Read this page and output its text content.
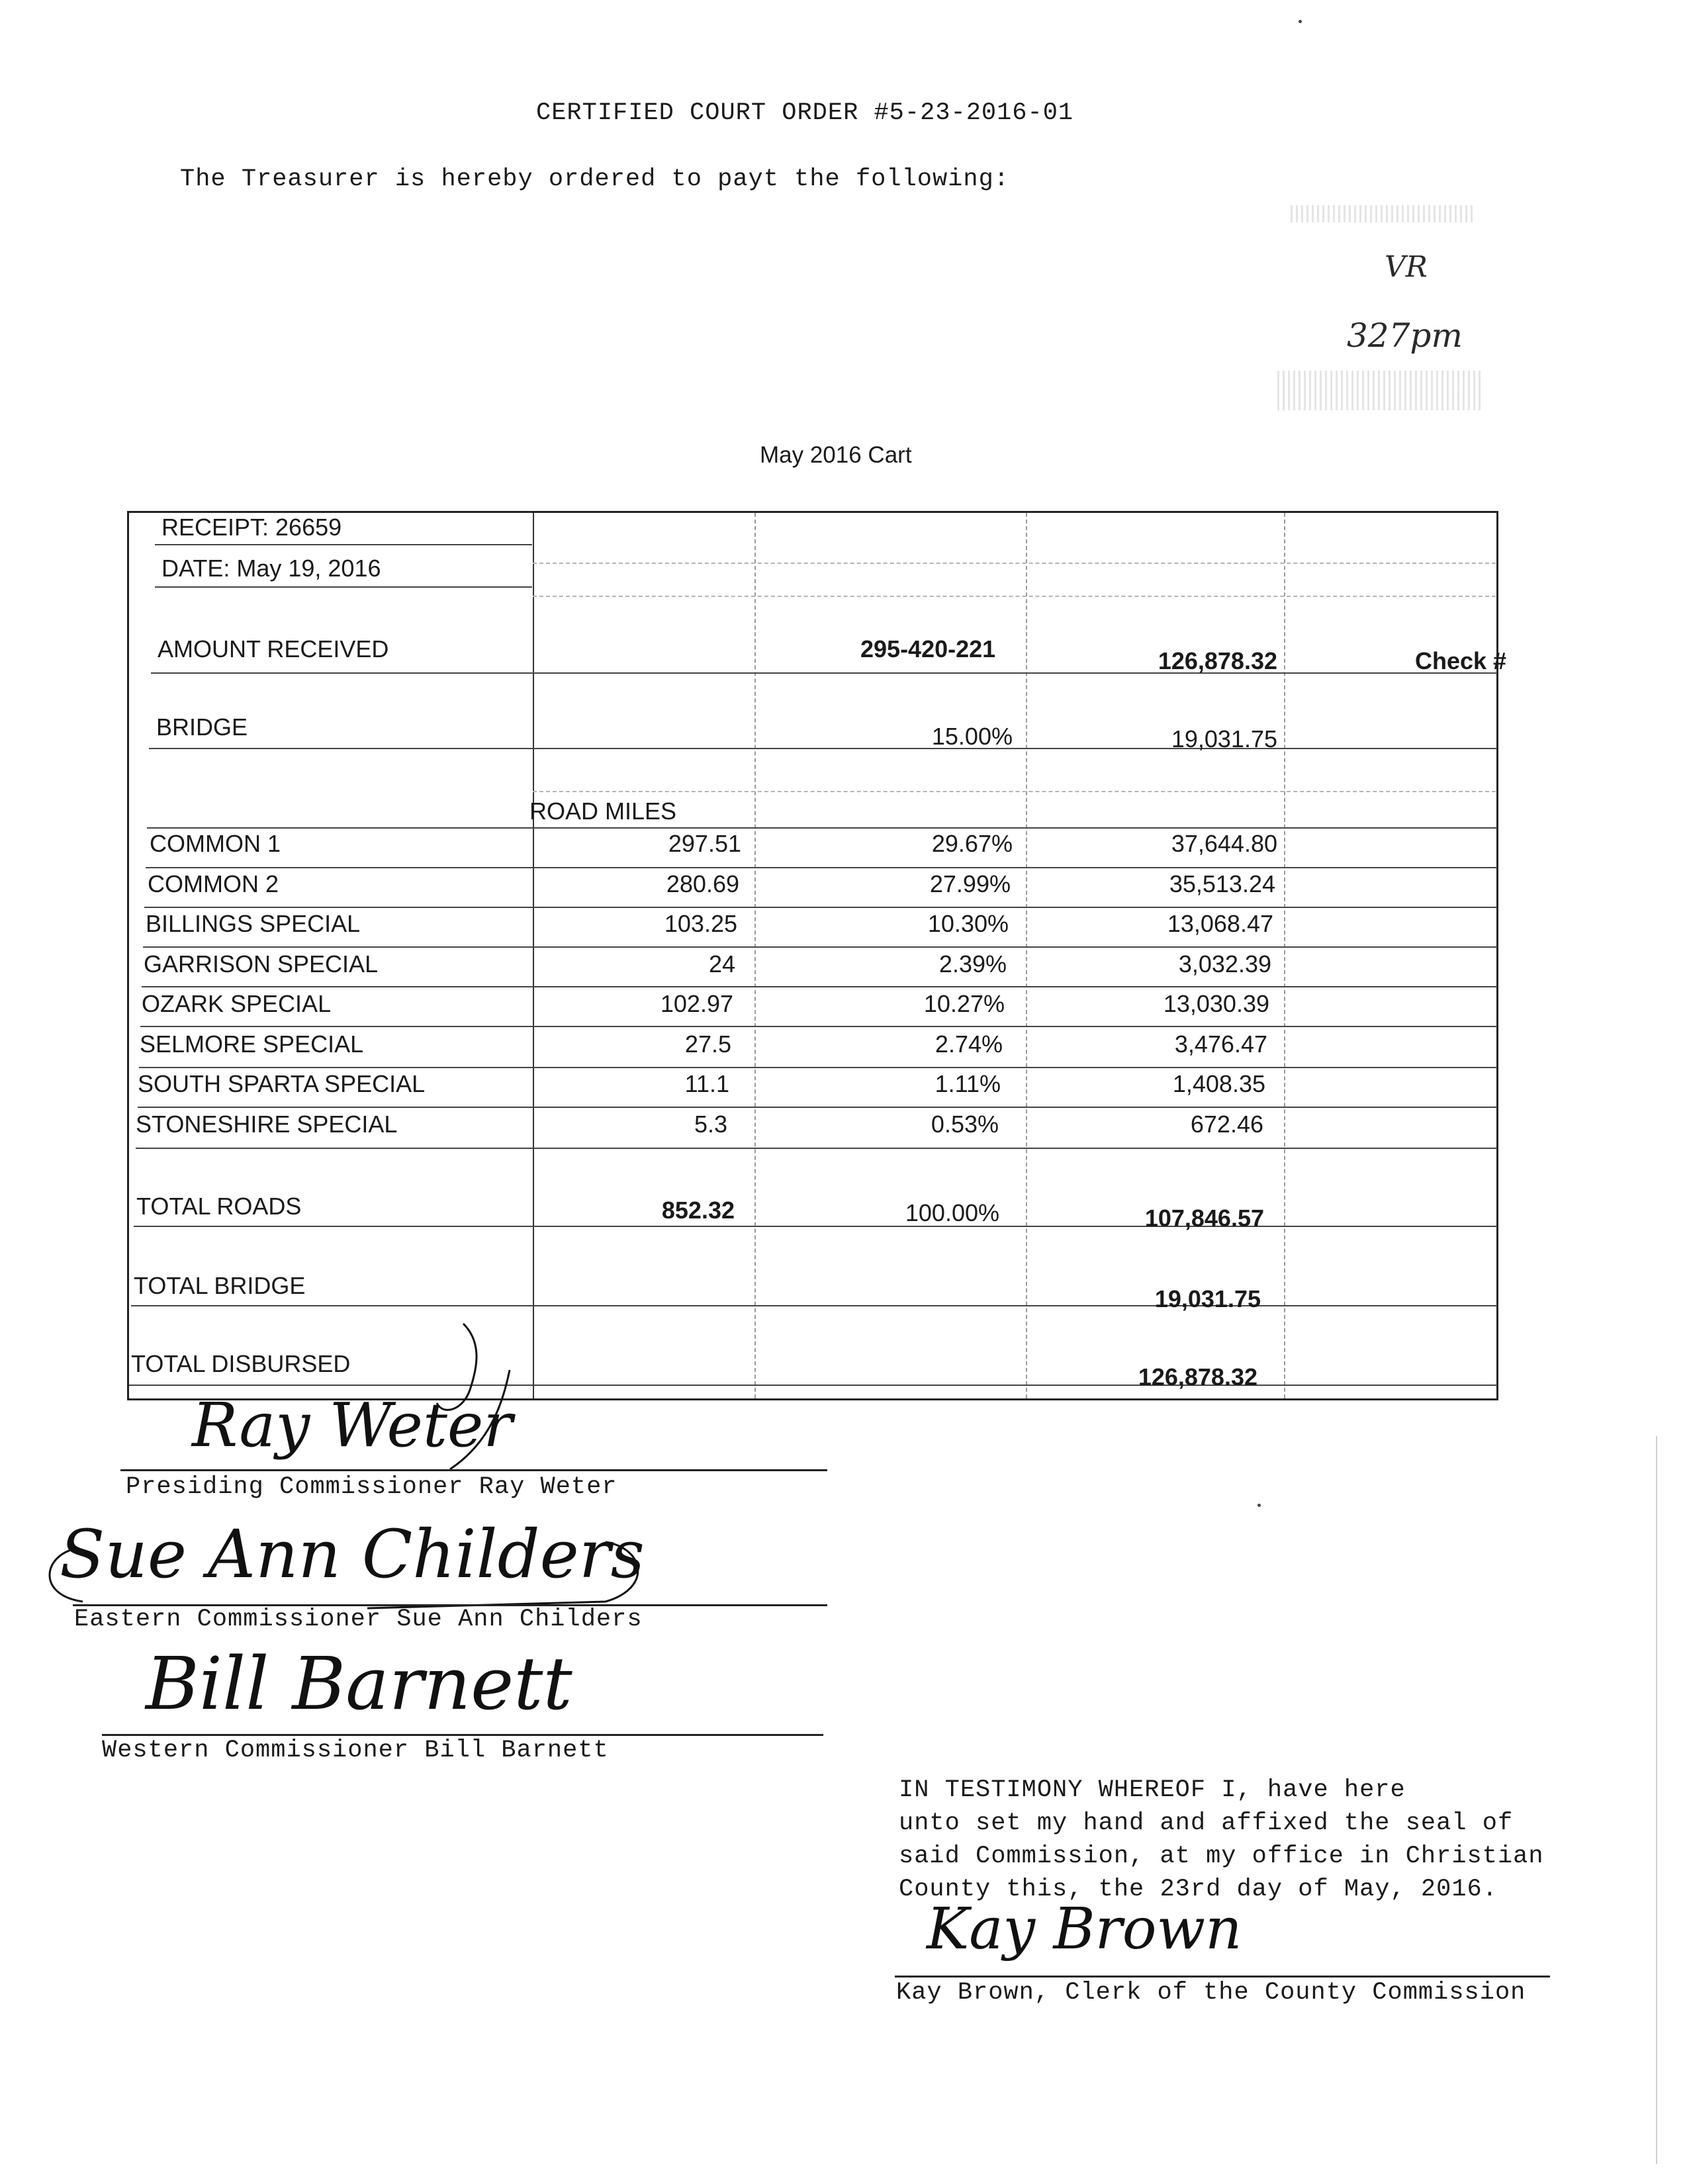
CERTIFIED COURT ORDER #5-23-2016-01
The Treasurer is hereby ordered to payt the following:
VR
327pm
May 2016 Cart
RECEIPT: 26659
DATE: May 19, 2016
AMOUNT RECEIVED	295-420-221	126,878.32	Check #
BRIDGE	15.00%	19,031.75
ROAD MILES
COMMON 1	297.51	29.67%	37,644.80
COMMON 2	280.69	27.99%	35,513.24
BILLINGS SPECIAL	103.25	10.30%	13,068.47
GARRISON SPECIAL	24	2.39%	3,032.39
OZARK SPECIAL	102.97	10.27%	13,030.39
SELMORE SPECIAL	27.5	2.74%	3,476.47
SOUTH SPARTA SPECIAL	11.1	1.11%	1,408.35
STONESHIRE SPECIAL	5.3	0.53%	672.46
TOTAL ROADS	852.32	100.00%	107,846.57
TOTAL BRIDGE	19,031.75
TOTAL DISBURSED	126,878.32
Ray Weter
Presiding Commissioner Ray Weter
Sue Ann Childers
Eastern Commissioner Sue Ann Childers
Bill Barnett
Western Commissioner Bill Barnett
IN TESTIMONY WHEREOF I, have here
unto set my hand and affixed the seal of
said Commission, at my office in Christian
County this, the 23rd day of May, 2016.
Kay Brown
Kay Brown, Clerk of the County Commission
